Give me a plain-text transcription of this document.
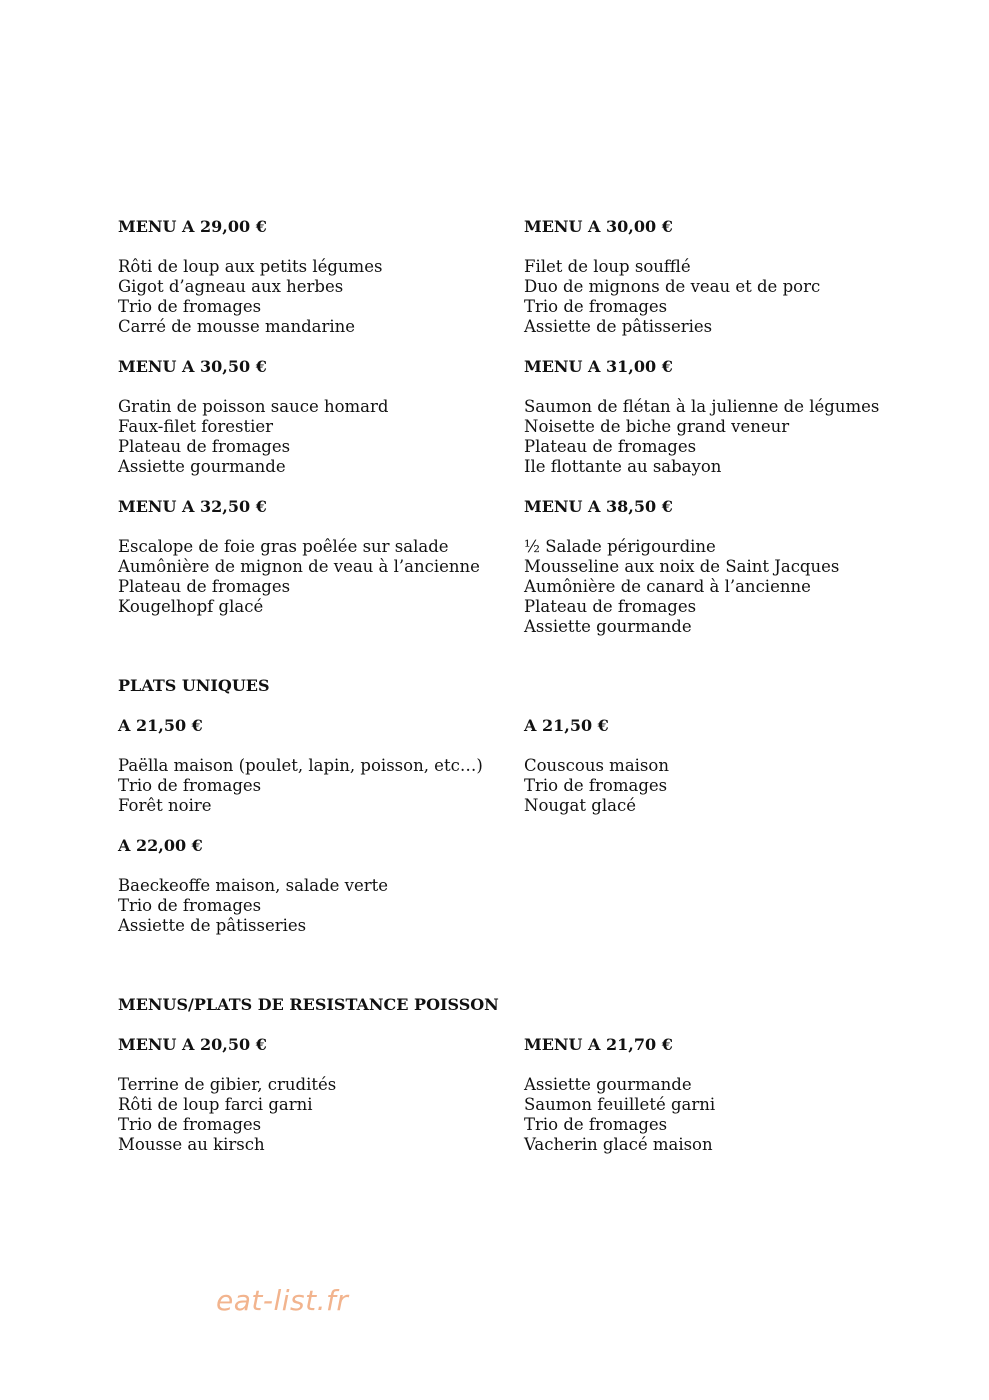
MENU A 29,00 €

Rôti de loup aux petits légumes
Gigot d’agneau aux herbes
Trio de fromages
Carré de mousse mandarine

MENU A 30,00 €

Filet de loup soufflé
Duo de mignons de veau et de porc
Trio de fromages
Assiette de pâtisseries

MENU A 30,50 €

Gratin de poisson sauce homard
Faux-filet forestier
Plateau de fromages
Assiette gourmande

MENU A 31,00 €

Saumon de flétan à la julienne de légumes
Noisette de biche grand veneur
Plateau de fromages
Ile flottante au sabayon

MENU A 32,50 €

Escalope de foie gras poêlée sur salade
Aumônière de mignon de veau à l’ancienne
Plateau de fromages
Kougelhopf glacé

MENU A 38,50 €

½ Salade périgourdine
Mousseline aux noix de Saint Jacques
Aumônière de canard à l’ancienne
Plateau de fromages
Assiette gourmande

PLATS UNIQUES

A 21,50 €

Paëlla maison (poulet, lapin, poisson, etc…)
Trio de fromages
Forêt noire

A 21,50 €

Couscous maison
Trio de fromages
Nougat glacé

A 22,00 €

Baeckeoffe maison, salade verte
Trio de fromages
Assiette de pâtisseries

MENUS/PLATS DE RESISTANCE POISSON

MENU A 20,50 €

Terrine de gibier, crudités
Rôti de loup farci garni
Trio de fromages
Mousse au kirsch

MENU A 21,70 €

Assiette gourmande
Saumon feuilleté garni
Trio de fromages
Vacherin glacé maison
eat-list.fr
